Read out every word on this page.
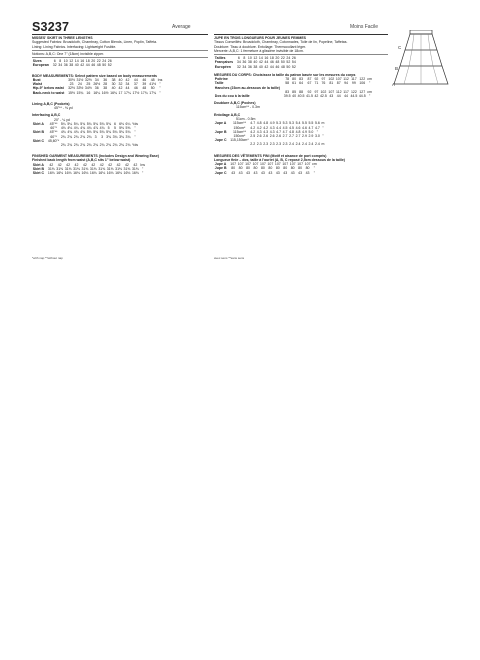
S3237	Average	Moins Facile
C
B
A

MISSES' SKIRT IN THREE LENGTHS

Suggested Fabrics: Broadcloth, Chambray, Cotton Blends, Linen, Poplin, Taffeta.

Lining: Lining Fabrics. Interfacing: Lightweight Fusible.

Notions: A,B,C: One 7" (18cm) invisible zipper.

Sizes	6	8	10	12	14	16	18	20	22	24	26
European	32	34	36	38	40	42	44	46	48	50	52

BODY MEASUREMENTS: Select pattern size based on body measurements

Bust	30½	31½	32½	34	36	38	40	42	44	46	48	Ins
Waist	23	24	25	26½	28	30	32	34	37	39	41½	"
Hip-9" below waist	32½	33½	34½	36	38	40	42	44	46	48	50	"
Back-neck to waist	15½	15¾	16	16¼	16½	16¾	17	17¼	17½	17¾	17¾	"

Lining A,B,C (Pockets)

45"** - ⅜ yd

Interfacing A,B,C

20" - ¼ yd

Skirt A	45"**	5¼	5¼	5¼	5¾	5¾	5¾	5¾	5¾	6	6⅛	6¼	Yds
	60"*	4⅛	4⅛	4¼	4¾	4¾	4⅞	4¾	5	5	5⅜	5⅜	"
Skirt B	45"**	4¾	4¾	4¾	4¾	5⅛	5¾	5¾	5¾	5¾	5¾	5¾	"
	60"*	2¾	2¾	2¾	2¾	2¾	3	3	3¾	3¾	3¾	3¾	"
Skirt C	45,60"*												
		2¾	2¾	2¾	2¾	2¾	2¾	2¾	2¾	2¾	2¾	2¾	Yds

FINISHED GARMENT MEASUREMENTS (Includes Design and Wearing Ease)

Finished back length from waist (A,B,C sits 1" below waist)

Skirt A	42	42	42	42	42	42	42	42	42	42	42	Ins
Skirt B	31⅜	31⅜	31⅜	31⅜	31⅜	31⅜	31⅜	31⅜	31⅜	31⅜	31⅜	"
Skirt C	16⅛	16⅛	16⅛	16⅛	16⅛	16⅛	16⅛	16⅛	16⅛	16⅛	16⅛	"

JUPE EN TROIS LONGUEURS POUR JEUNES FEMMES

Tissus Conseillés: Broadcloth, Chambray, Cotonnades, Toile de lin, Popeline, Taffetas.

Doublure: Tissu à doublure. Entoilage: Thermocollant léger.

Mercerie: A,B,C: 1 fermeture à glissière invisible de 18cm.

Tailles	6	8	10	12	14	16	18	20	22	24	26
Françaises	34	36	38	40	42	44	46	48	50	52	54
Européen	32	34	36	38	40	42	44	46	48	50	52

MESURES DU CORPS: Choisissez la taille du patron basée sur les mesures du corps

Poitrine	78	80	83	87	92	97	102	107	112	117	122	cm
Taille	58	61	64	67	71	76	81	87	94	99	106	"
Hanches (23cm au-dessous de la taille)												
	83	85	88	92	97	102	107	112	117	122	127	cm
Dos du cou à la taille	39.5	40	40.5	41.5	42	42.5	43	44	44	44.5	44.5	"

Doublure A,B,C (Poches)

115cm** - 0.3m

Entoilage A,B,C

51cm - 0.5m

Jupe A	115cm**	4.7	4.8	4.8	4.9	5.3	5.3	5.3	5.4	5.5	5.5	5.6	m
	150cm*	4.2	4.2	4.2	4.3	4.4	4.5	4.5	4.6	4.6	4.7	4.7	"
Jupe B	115cm**	4.2	4.3	4.3	4.3	4.7	4.7	4.8	4.8	4.9	5.0	"	
	150cm*	2.5	2.6	2.6	2.6	2.6	2.7	2.7	2.7	2.9	2.9	3.0	"
Jupe C	115,150cm*												
		2.2	2.3	2.3	2.3	2.3	2.3	2.4	2.4	2.4	2.4	2.4	m

MESURES DES VÊTEMENTS FINI (Motif et aisance de port compris)

Longueur finie – dos, taille à l'ourlet (A, B, C reposé 2,5cm dessous de la taille)

Jupe A	107	107	107	107	107	107	107	107	107	107	107	cm
Jupe B	80	80	80	80	80	80	80	80	80	80	80	"
Jupe C	43	43	43	43	43	43	43	43	43	43	43	"
*with nap **without nap	avec sens **sans sens
